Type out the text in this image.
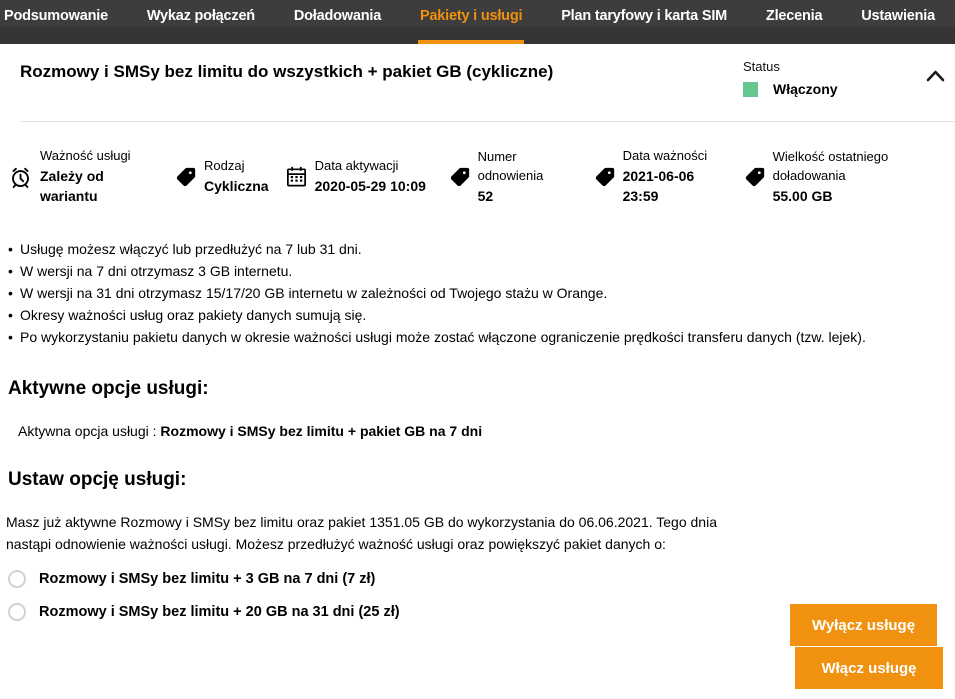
Podsumowanie	Wykaz połączeń	Doładowania	Pakiety i usługi	Plan taryfowy i karta SIM	Zlecenia	Ustawienia
Rozmowy i SMSy bez limitu do wszystkich + pakiet GB (cykliczne)	Status
Włączony
Ważność usługi
Zależy od wariantu
Rodzaj
Cykliczna
Data aktywacji
2020-05-29 10:09
Numer odnowienia
52
Data ważności
2021-06-06 23:59
Wielkość ostatniego doładowania
55.00 GB
• Usługę możesz włączyć lub przedłużyć na 7 lub 31 dni.
• W wersji na 7 dni otrzymasz 3 GB internetu.
• W wersji na 31 dni otrzymasz 15/17/20 GB internetu w zależności od Twojego stażu w Orange.
• Okresy ważności usług oraz pakiety danych sumują się.
• Po wykorzystaniu pakietu danych w okresie ważności usługi może zostać włączone ograniczenie prędkości transferu danych (tzw. lejek).
Aktywne opcje usługi:
Aktywna opcja usługi : Rozmowy i SMSy bez limitu + pakiet GB na 7 dni
Ustaw opcję usługi:

Masz już aktywne Rozmowy i SMSy bez limitu oraz pakiet 1351.05 GB do wykorzystania do 06.06.2021. Tego dnia nastąpi odnowienie ważności usługi. Możesz przedłużyć ważność usługi oraz powiększyć pakiet danych o:

Rozmowy i SMSy bez limitu + 3 GB na 7 dni (7 zł)
Rozmowy i SMSy bez limitu + 20 GB na 31 dni (25 zł)
Wyłącz usługę
Włącz usługę
